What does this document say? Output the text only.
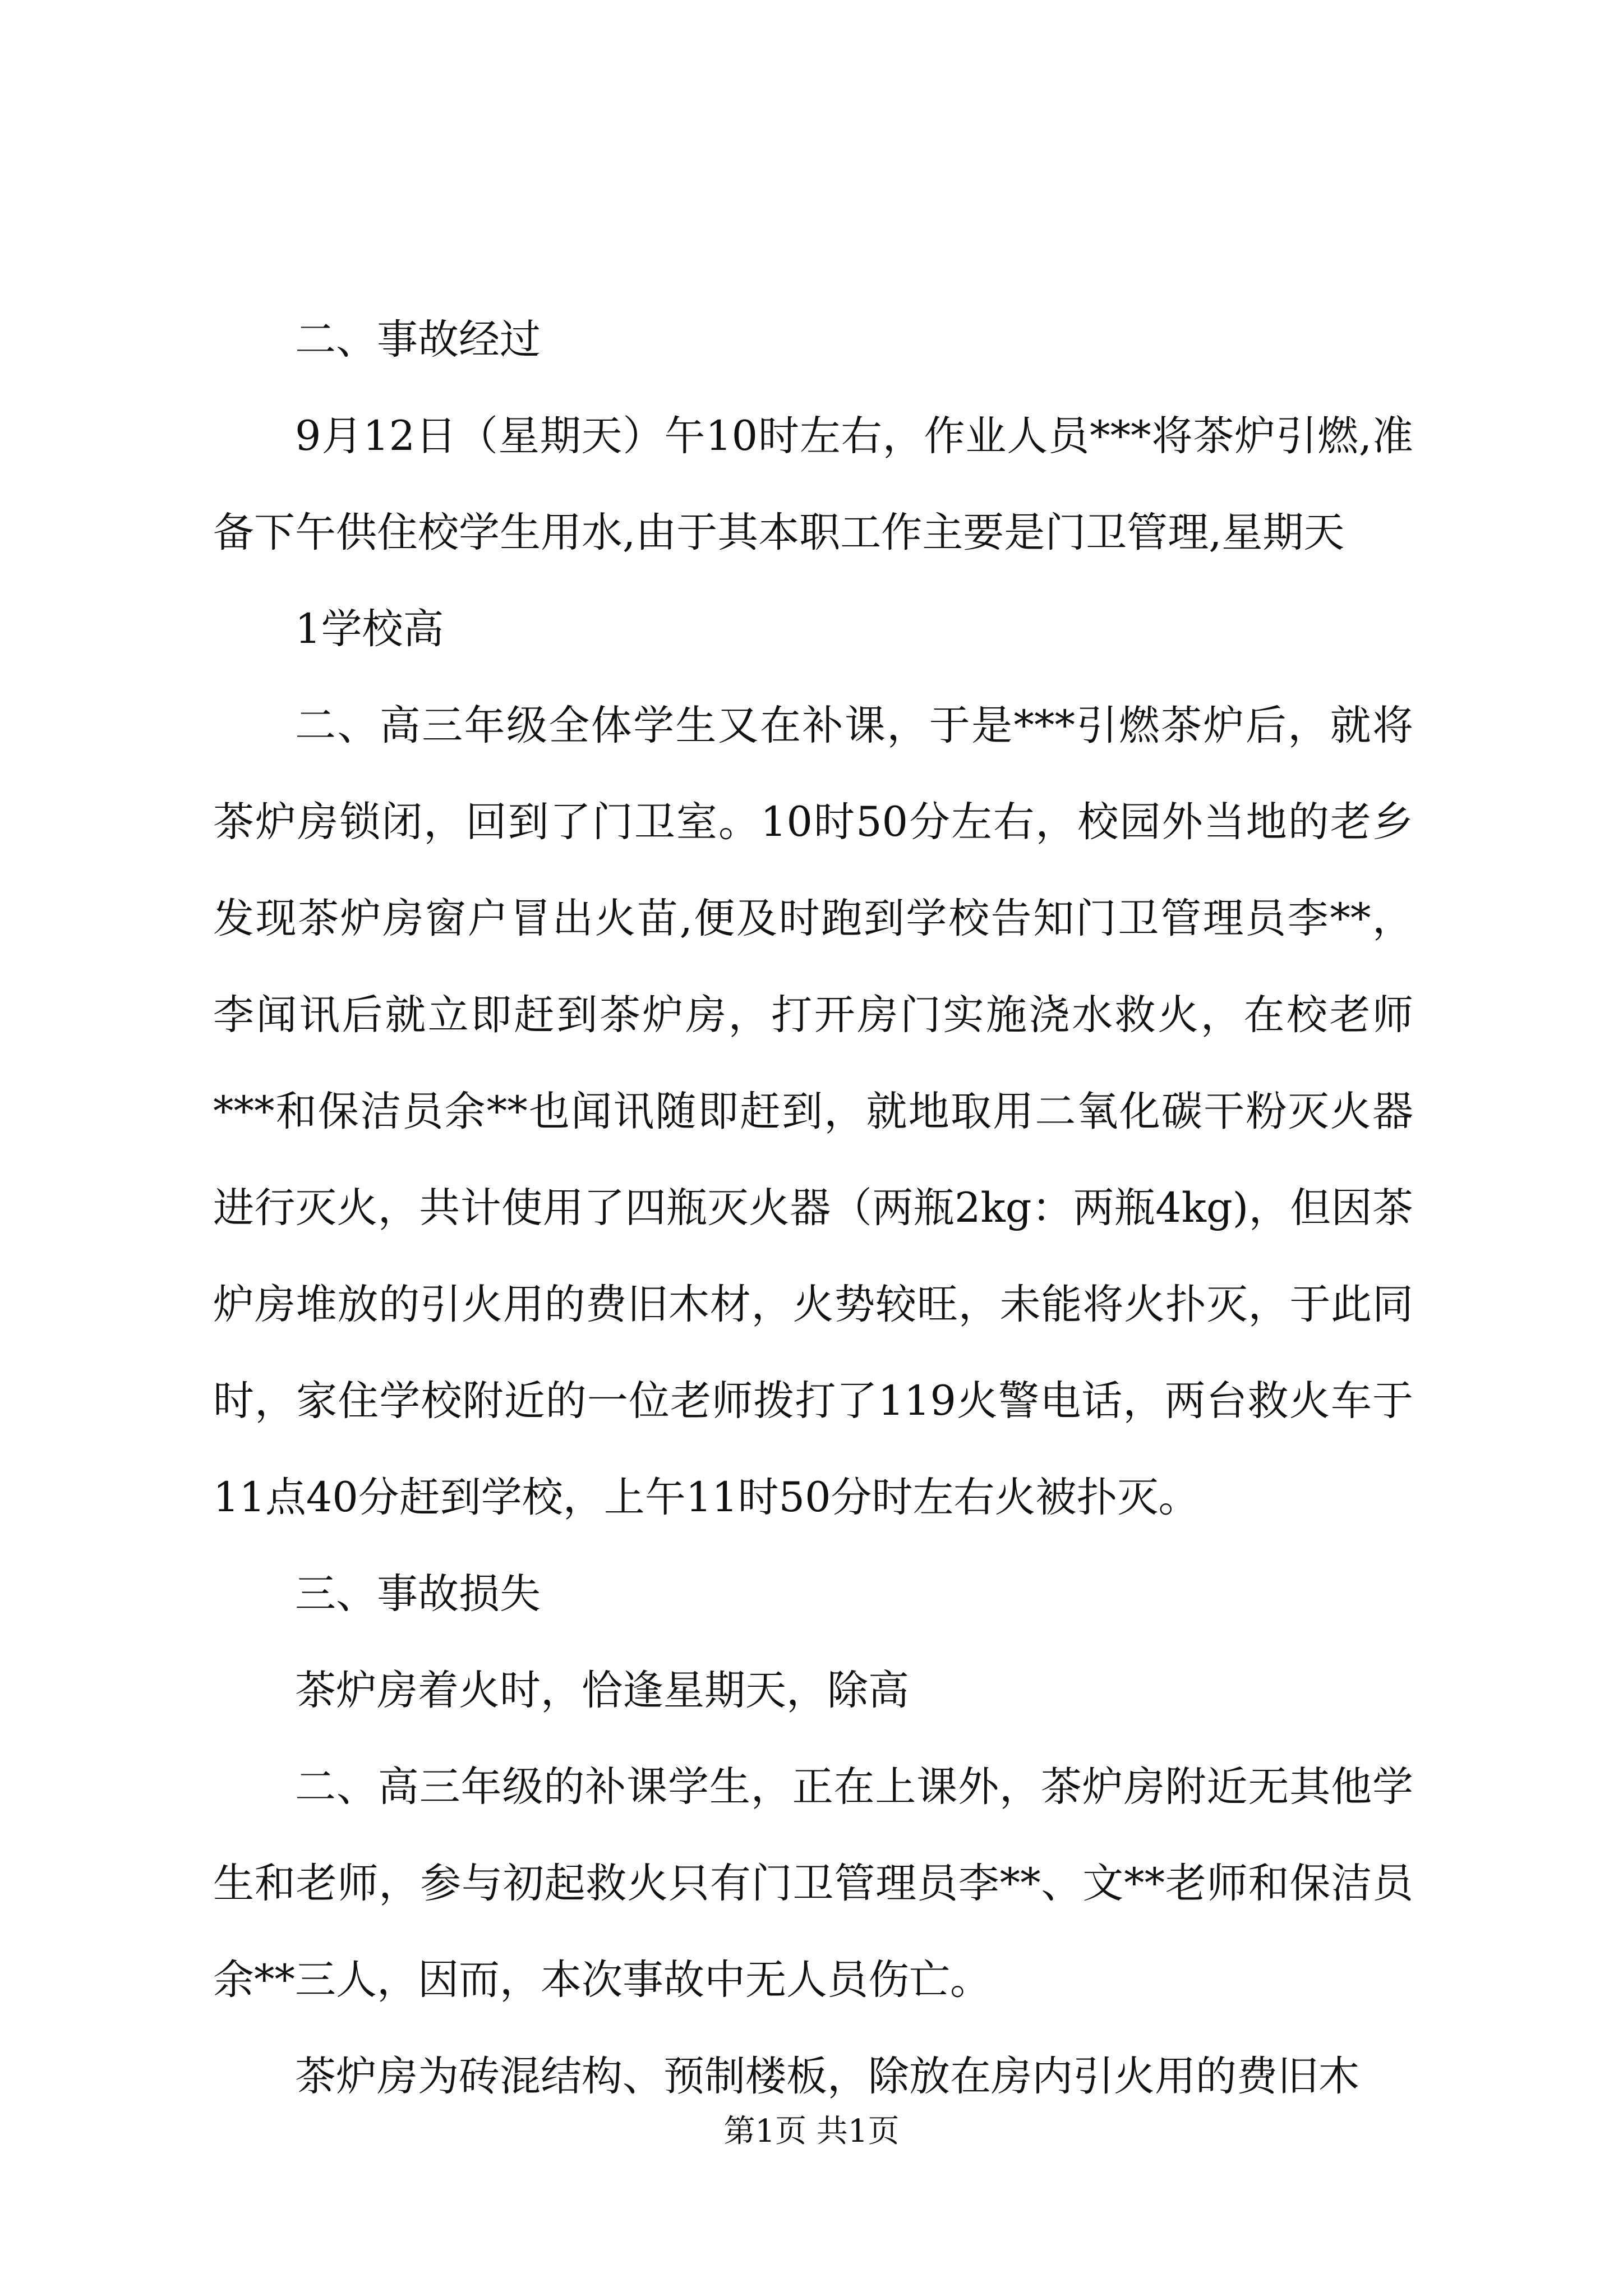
二、事故经过

9月12日（星期天）午10时左右，作业人员***将茶炉引燃,准备下午供住校学生用水,由于其本职工作主要是门卫管理,星期天

1学校高

二、高三年级全体学生又在补课，于是***引燃茶炉后，就将茶炉房锁闭，回到了门卫室。10时50分左右，校园外当地的老乡发现茶炉房窗户冒出火苗,便及时跑到学校告知门卫管理员李**，李闻讯后就立即赶到茶炉房，打开房门实施浇水救火，在校老师***和保洁员余**也闻讯随即赶到，就地取用二氧化碳干粉灭火器进行灭火，共计使用了四瓶灭火器（两瓶2kg：两瓶4kg)，但因茶炉房堆放的引火用的费旧木材，火势较旺，未能将火扑灭，于此同时，家住学校附近的一位老师拨打了119火警电话，两台救火车于11点40分赶到学校，上午11时50分时左右火被扑灭。

三、事故损失

茶炉房着火时，恰逢星期天，除高

二、高三年级的补课学生，正在上课外，茶炉房附近无其他学生和老师，参与初起救火只有门卫管理员李**、文**老师和保洁员余**三人，因而，本次事故中无人员伤亡。

茶炉房为砖混结构、预制楼板，除放在房内引火用的费旧木

第1页 共1页
